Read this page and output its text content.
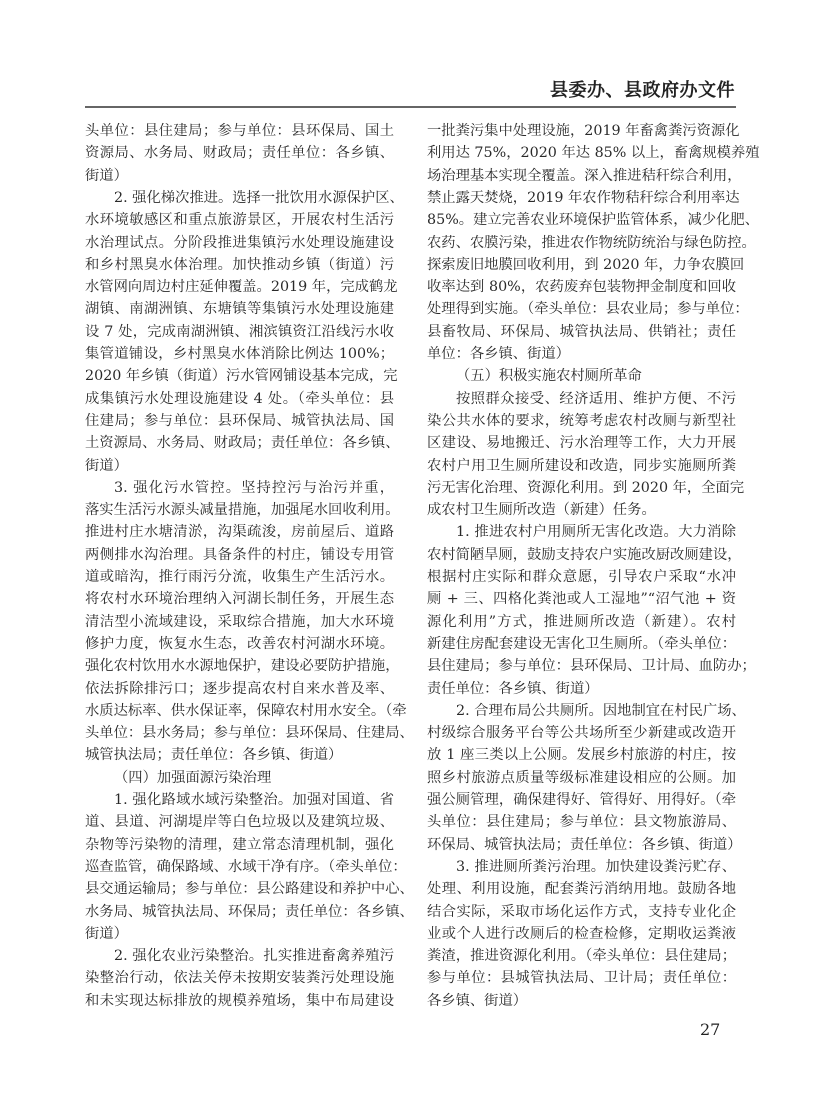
县委办、县政府办文件
头单位：县住建局；参与单位：县环保局、国土
资源局、水务局、财政局；责任单位：各乡镇、
街道）
2. 强化梯次推进。选择一批饮用水源保护区、
水环境敏感区和重点旅游景区，开展农村生活污
水治理试点。分阶段推进集镇污水处理设施建设
和乡村黑臭水体治理。加快推动乡镇（街道）污
水管网向周边村庄延伸覆盖。2019 年，完成鹤龙
湖镇、南湖洲镇、东塘镇等集镇污水处理设施建
设 7 处，完成南湖洲镇、湘滨镇资江沿线污水收
集管道铺设，乡村黑臭水体消除比例达 100%；
2020 年乡镇（街道）污水管网铺设基本完成，完
成集镇污水处理设施建设 4 处。（牵头单位：县
住建局；参与单位：县环保局、城管执法局、国
土资源局、水务局、财政局；责任单位：各乡镇、
街道）
3. 强化污水管控。坚持控污与治污并重，
落实生活污水源头减量措施，加强尾水回收利用。
推进村庄水塘清淤，沟渠疏浚，房前屋后、道路
两侧排水沟治理。具备条件的村庄，铺设专用管
道或暗沟，推行雨污分流，收集生产生活污水。
将农村水环境治理纳入河湖长制任务，开展生态
清洁型小流域建设，采取综合措施，加大水环境
修护力度，恢复水生态，改善农村河湖水环境。
强化农村饮用水水源地保护，建设必要防护措施，
依法拆除排污口；逐步提高农村自来水普及率、
水质达标率、供水保证率，保障农村用水安全。（牵
头单位：县水务局；参与单位：县环保局、住建局、
城管执法局；责任单位：各乡镇、街道）
（四）加强面源污染治理
1. 强化路域水域污染整治。加强对国道、省
道、县道、河湖堤岸等白色垃圾以及建筑垃圾、
杂物等污染物的清理，建立常态清理机制，强化
巡查监管，确保路域、水域干净有序。（牵头单位：
县交通运输局；参与单位：县公路建设和养护中心、
水务局、城管执法局、环保局；责任单位：各乡镇、
街道）
2. 强化农业污染整治。扎实推进畜禽养殖污
染整治行动，依法关停未按期安装粪污处理设施
和未实现达标排放的规模养殖场，集中布局建设
一批粪污集中处理设施，2019 年畜禽粪污资源化
利用达 75%，2020 年达 85% 以上，畜禽规模养殖
场治理基本实现全覆盖。深入推进秸秆综合利用，
禁止露天焚烧，2019 年农作物秸秆综合利用率达
85%。建立完善农业环境保护监管体系，减少化肥、
农药、农膜污染，推进农作物统防统治与绿色防控。
探索废旧地膜回收利用，到 2020 年，力争农膜回
收率达到 80%，农药废弃包装物押金制度和回收
处理得到实施。（牵头单位：县农业局；参与单位：
县畜牧局、环保局、城管执法局、供销社；责任
单位：各乡镇、街道）
（五）积极实施农村厕所革命
按照群众接受、经济适用、维护方便、不污
染公共水体的要求，统筹考虑农村改厕与新型社
区建设、易地搬迁、污水治理等工作，大力开展
农村户用卫生厕所建设和改造，同步实施厕所粪
污无害化治理、资源化利用。到 2020 年，全面完
成农村卫生厕所改造（新建）任务。
1. 推进农村户用厕所无害化改造。大力消除
农村简陋旱厕，鼓励支持农户实施改厨改厕建设，
根据村庄实际和群众意愿，引导农户采取“水冲
厕 + 三、四格化粪池或人工湿地”“沼气池 + 资
源化利用”方式，推进厕所改造（新建）。农村
新建住房配套建设无害化卫生厕所。（牵头单位：
县住建局；参与单位：县环保局、卫计局、血防办；
责任单位：各乡镇、街道）
2. 合理布局公共厕所。因地制宜在村民广场、
村级综合服务平台等公共场所至少新建或改造开
放 1 座三类以上公厕。发展乡村旅游的村庄，按
照乡村旅游点质量等级标准建设相应的公厕。加
强公厕管理，确保建得好、管得好、用得好。（牵
头单位：县住建局；参与单位：县文物旅游局、
环保局、城管执法局；责任单位：各乡镇、街道）
3. 推进厕所粪污治理。加快建设粪污贮存、
处理、利用设施，配套粪污消纳用地。鼓励各地
结合实际，采取市场化运作方式，支持专业化企
业或个人进行改厕后的检查检修，定期收运粪液
粪渣，推进资源化利用。（牵头单位：县住建局；
参与单位：县城管执法局、卫计局；责任单位：
各乡镇、街道）
27
